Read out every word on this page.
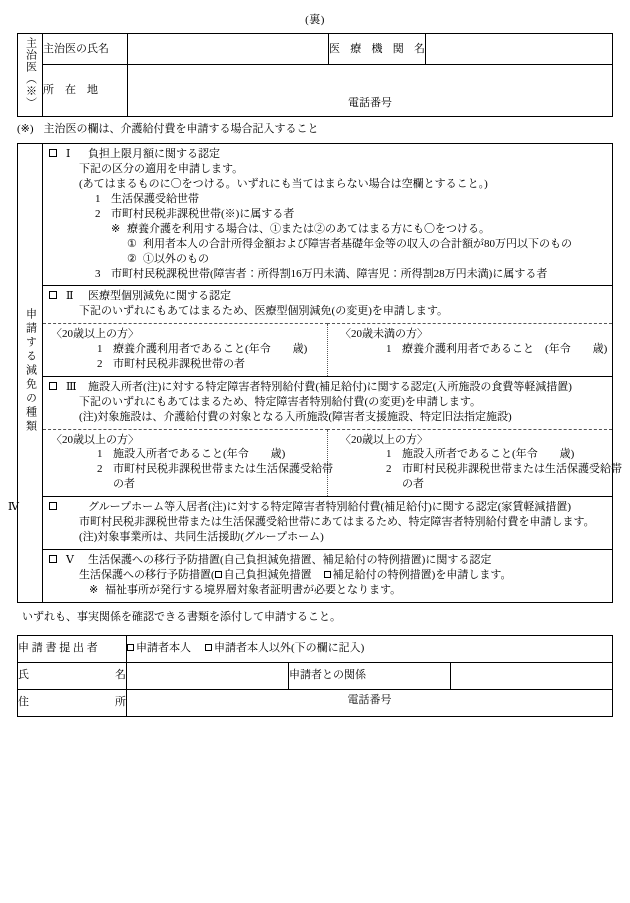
(裏)
主治医（※）	主治医の氏名		医 療 機 関 名	

	所　在　地	電話番号		
(※) 主治医の欄は、介護給付費を申請する場合記入すること
申請する減免の種類	
Ⅰ 負担上限月額に関する認定
下記の区分の適用を申請します。
(あてはまるものに〇をつける。いずれにも当てはまらない場合は空欄とすること。)
1 生活保護受給世帯
2 市町村民税非課税世帯(※)に属する者
※ 療養介護を利用する場合は、①または②のあてはまる方にも〇をつける。
① 利用者本人の合計所得金額および障害者基礎年金等の収入の合計額が80万円以下のもの
② ①以外のもの
3 市町村民税課税世帯(障害者：所得割16万円未満、障害児：所得割28万円未満)に属する者
Ⅱ 医療型個別減免に関する認定
下記のいずれにもあてはまるため、医療型個別減免(の変更)を申請します。
〈20歳以上の方〉
1 療養介護利用者であること(年令　　歳)
2 市町村民税非課税世帯の者

〈20歳未満の方〉
1 療養介護利用者であること　(年令　　歳)
Ⅲ 施設入所者(注)に対する特定障害者特別給付費(補足給付)に関する認定(入所施設の食費等軽減措置)
下記のいずれにもあてはまるため、特定障害者特別給付費(の変更)を申請します。
(注)対象施設は、介護給付費の対象となる入所施設(障害者支援施設、特定旧法指定施設)
〈20歳以上の方〉
1 施設入所者であること(年令　　歳)
2 市町村民税非課税世帯または生活保護受給帯
の者

〈20歳以上の方〉
1 施設入所者であること(年令　　歳)
2 市町村民税非課税世帯または生活保護受給帯
の者
Ⅳ	グループホーム等入居者(注)に対する特定障害者特別給付費(補足給付)に関する認定(家賃軽減措置)
市町村民税非課税世帯または生活保護受給世帯にあてはまるため、特定障害者特別給付費を申請します。
(注)対象事業所は、共同生活援助(グループホーム)
Ⅴ 生活保護への移行予防措置(自己負担減免措置、補足給付の特例措置)に関する認定
生活保護への移行予防措置( 自己負担減免措置 補足給付の特例措置)を申請します。
※ 福祉事所が発行する境界層対象者証明書が必要となります。
いずれも、事実関係を確認できる書類を添付して申請すること。
申 請 書 提 出 者	申請者本人 申請者本人以外(下の欄に記入)		

氏 名		申請者との関係	

住 所	電話番号		
